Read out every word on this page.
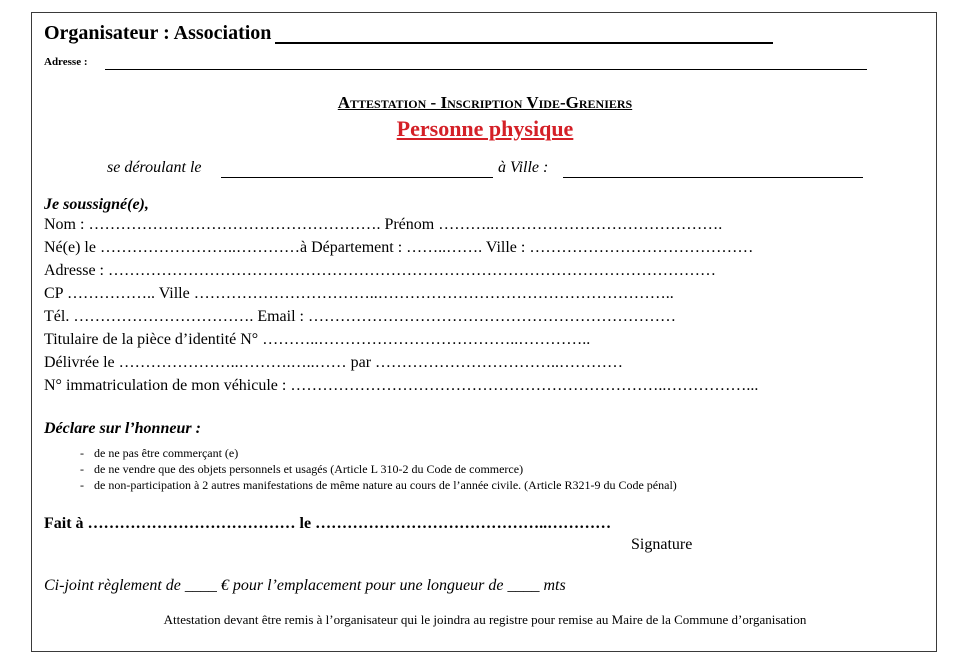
Organisateur : Association
Adresse :
Attestation - Inscription Vide-Greniers
Personne physique
se déroulant le	à Ville :
Je soussigné(e),
Nom : ………………………………………………. Prénom ………..…………………………………….
Né(e) le ……………………..…………à Département : ……..……. Ville : ……………………………………
Adresse : ……………………………………………………………………………………………………
CP …………….. Ville ……………………………..………………………………………………..
Tél. ……………………………. Email : ……………………………………………………………
Titulaire de la pièce d’identité N° ………..………………………………..…………..
Délivrée le …………………..……….…..…… par ……………………………..…………
N° immatriculation de mon véhicule : ……………………………………………………………..……………...
Déclare sur l’honneur :
- de ne pas être commerçant (e)
- de ne vendre que des objets personnels et usagés (Article L 310-2 du Code de commerce)
- de non-participation à 2 autres manifestations de même nature au cours de l’année civile. (Article R321-9 du Code pénal)
Fait à ………………………………… le ……………………………………..…………
Signature
Ci-joint règlement de ____ € pour l’emplacement pour une longueur de ____ mts
Attestation devant être remis à l’organisateur qui le joindra au registre pour remise au Maire de la Commune d’organisation
